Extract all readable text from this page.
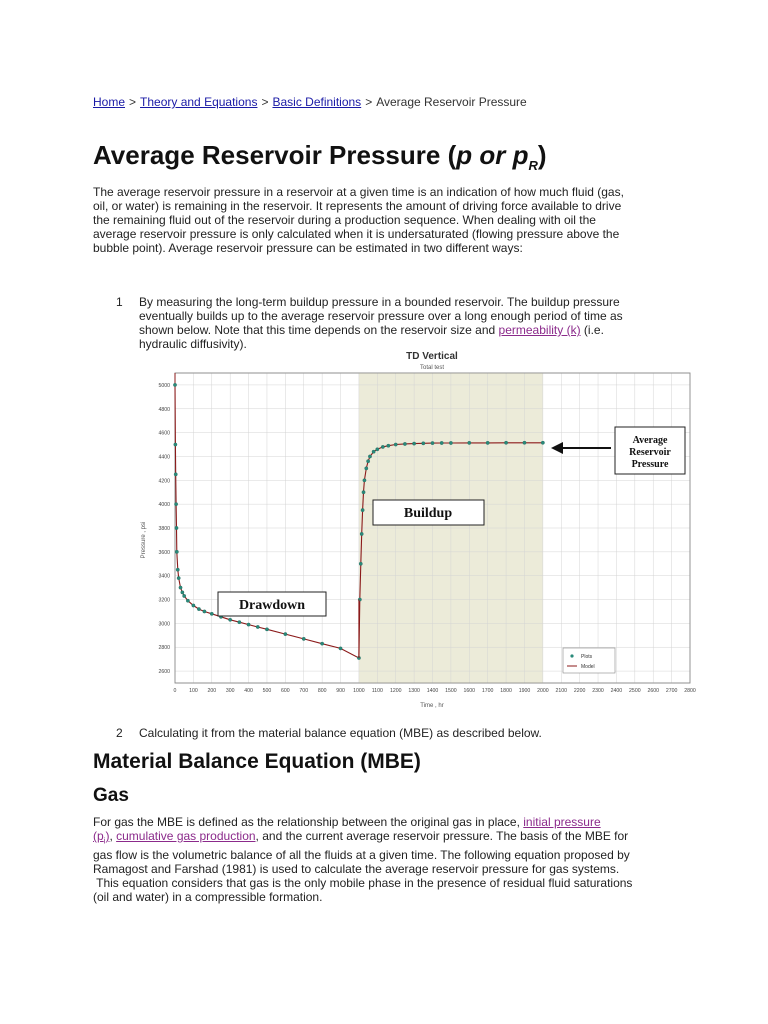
Home > Theory and Equations > Basic Definitions > Average Reservoir Pressure
Average Reservoir Pressure (p or $p_R$)
The average reservoir pressure in a reservoir at a given time is an indication of how much fluid (gas,
oil, or water) is remaining in the reservoir. It represents the amount of driving force available to drive
the remaining fluid out of the reservoir during a production sequence. When dealing with oil the
average reservoir pressure is only calculated when it is undersaturated (flowing pressure above the
bubble point). Average reservoir pressure can be estimated in two different ways:
1 By measuring the long-term buildup pressure in a bounded reservoir. The buildup pressure
eventually builds up to the average reservoir pressure over a long enough period of time as
shown below. Note that this time depends on the reservoir size and permeability (k) (i.e.
hydraulic diffusivity).
TD Vertical
Total test
0 100 200 300 400 500 600 700 800 900 1000 1100 1200 1300 1400 1500 1600 1700 1800 1900 2000 2100 2200 2300 2400 2500 2600 2700 2800
2600
2800
3000
3200
3400
3600
3800
4000
4200
4400
4600
4800
5000
Pressure , psi
Time , hr
Drawdown
Buildup
Average
Reservoir
Pressure
Plots
Model
2 Calculating it from the material balance equation (MBE) as described below.
Material Balance Equation (MBE)
Gas
For gas the MBE is defined as the relationship between the original gas in place, initial pressure
$(p_i)$, cumulative gas production, and the current average reservoir pressure. The basis of the MBE for
gas flow is the volumetric balance of all the fluids at a given time. The following equation proposed by
Ramagost and Farshad (1981) is used to calculate the average reservoir pressure for gas systems.
This equation considers that gas is the only mobile phase in the presence of residual fluid saturations
(oil and water) in a compressible formation.
